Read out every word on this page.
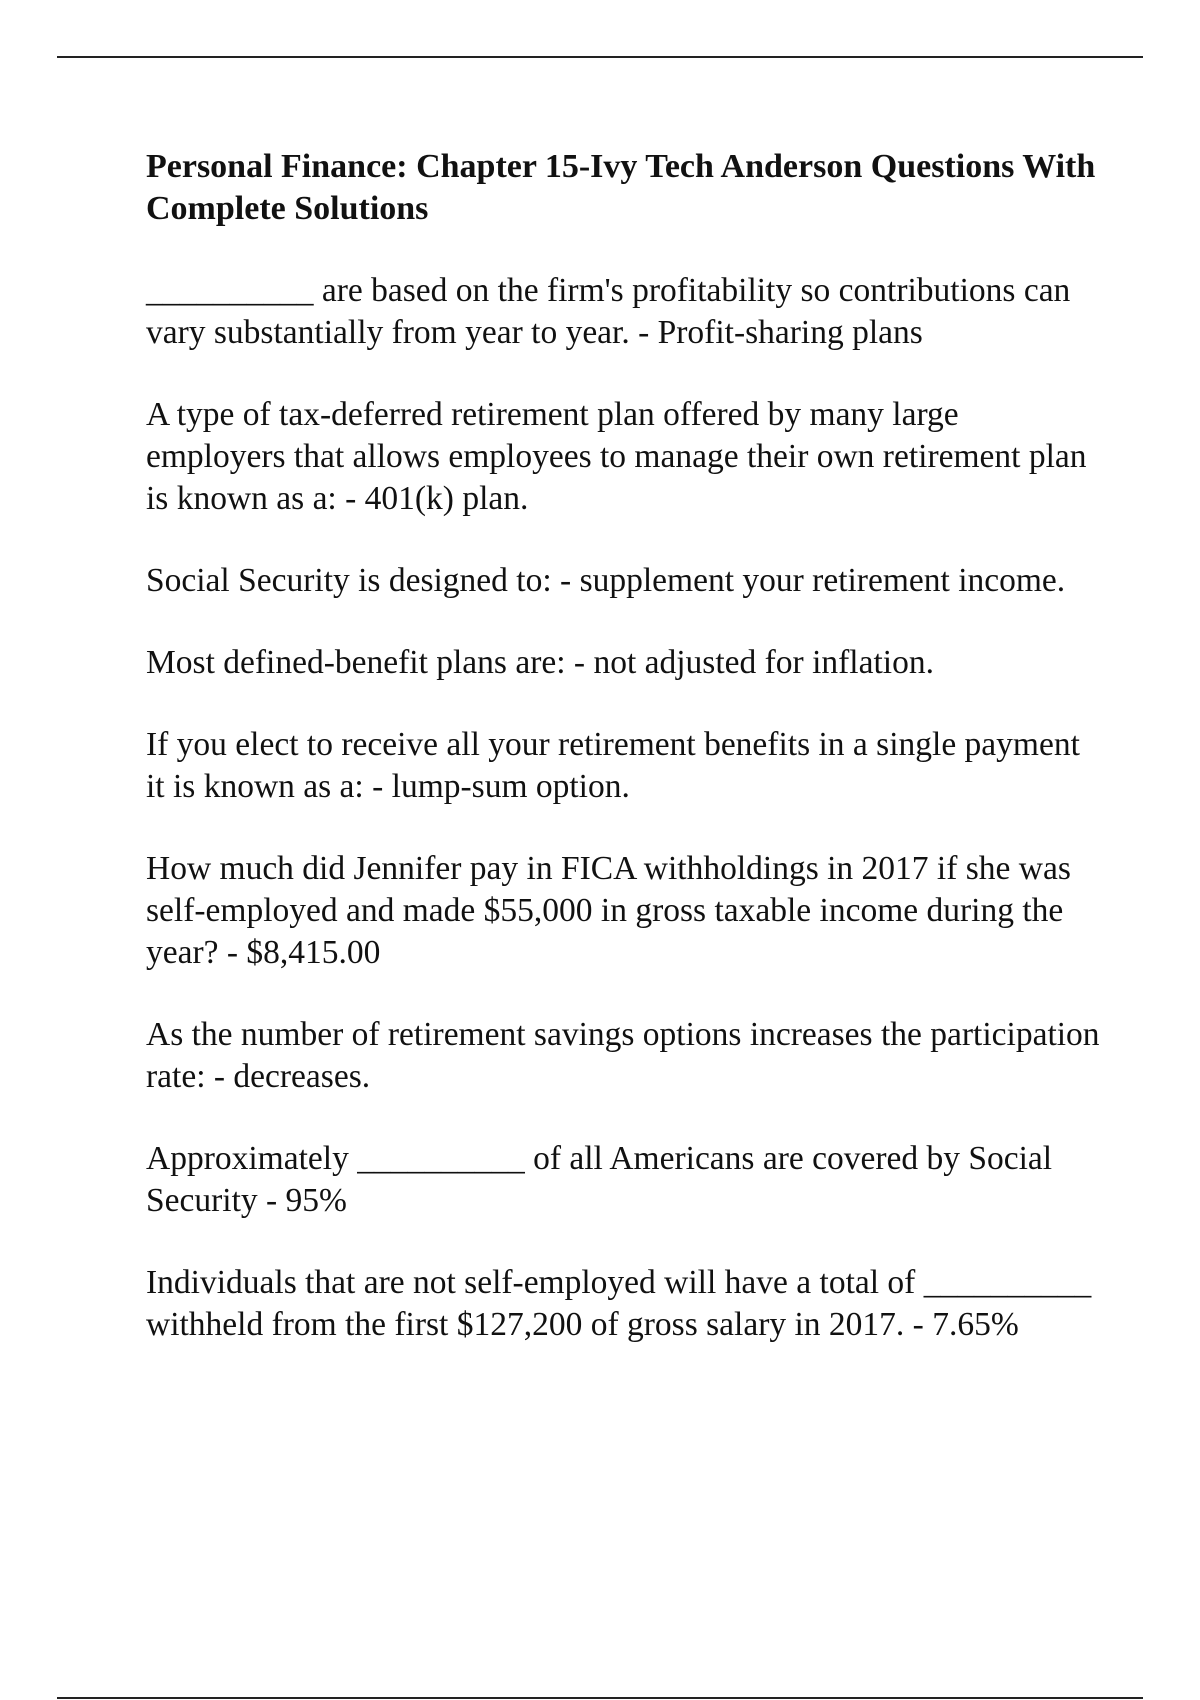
Personal Finance: Chapter 15-Ivy Tech Anderson Questions With Complete Solutions

__________ are based on the firm's profitability so contributions can vary substantially from year to year. - Profit-sharing plans

A type of tax-deferred retirement plan offered by many large employers that allows employees to manage their own retirement plan is known as a: - 401(k) plan.

Social Security is designed to: - supplement your retirement income.

Most defined-benefit plans are: - not adjusted for inflation.

If you elect to receive all your retirement benefits in a single payment it is known as a: - lump-sum option.

How much did Jennifer pay in FICA withholdings in 2017 if she was self-employed and made $55,000 in gross taxable income during the year? - $8,415.00

As the number of retirement savings options increases the participation rate: - decreases.

Approximately __________ of all Americans are covered by Social Security - 95%

Individuals that are not self-employed will have a total of __________ withheld from the first $127,200 of gross salary in 2017. - 7.65%
